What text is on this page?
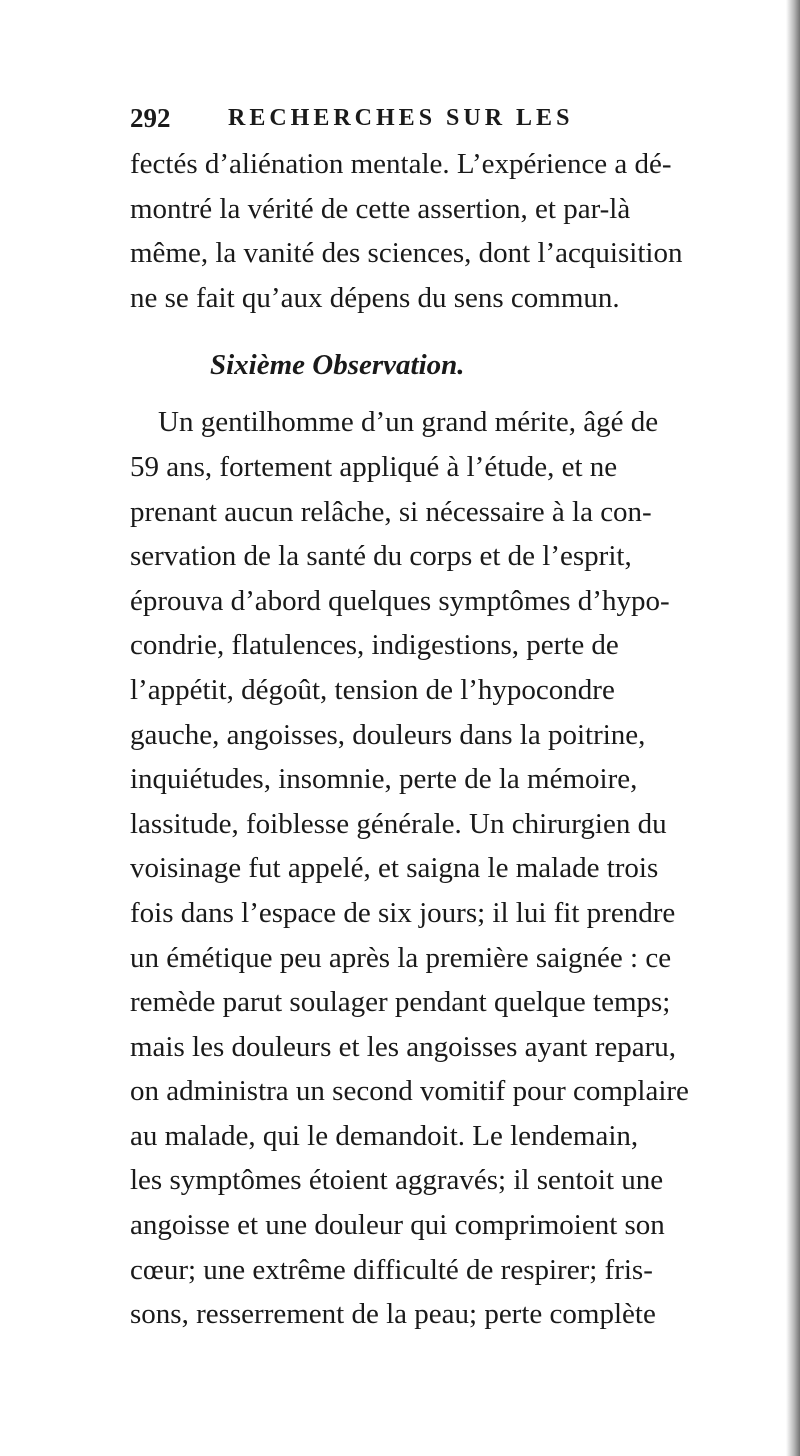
292 RECHERCHES SUR LES
fectés d’aliénation mentale. L’expérience a dé-
montré la vérité de cette assertion, et par-là
même, la vanité des sciences, dont l’acquisition
ne se fait qu’aux dépens du sens commun.
Sixième Observation.
Un gentilhomme d’un grand mérite, âgé de
59 ans, fortement appliqué à l’étude, et ne
prenant aucun relâche, si nécessaire à la con-
servation de la santé du corps et de l’esprit,
éprouva d’abord quelques symptômes d’hypo-
condrie, flatulences, indigestions, perte de
l’appétit, dégoût, tension de l’hypocondre
gauche, angoisses, douleurs dans la poitrine,
inquiétudes, insomnie, perte de la mémoire,
lassitude, foiblesse générale. Un chirurgien du
voisinage fut appelé, et saigna le malade trois
fois dans l’espace de six jours; il lui fit prendre
un émétique peu après la première saignée : ce
remède parut soulager pendant quelque temps;
mais les douleurs et les angoisses ayant reparu,
on administra un second vomitif pour complaire
au malade, qui le demandoit. Le lendemain,
les symptômes étoient aggravés; il sentoit une
angoisse et une douleur qui comprimoient son
cœur; une extrême difficulté de respirer; fris-
sons, resserrement de la peau; perte complète
